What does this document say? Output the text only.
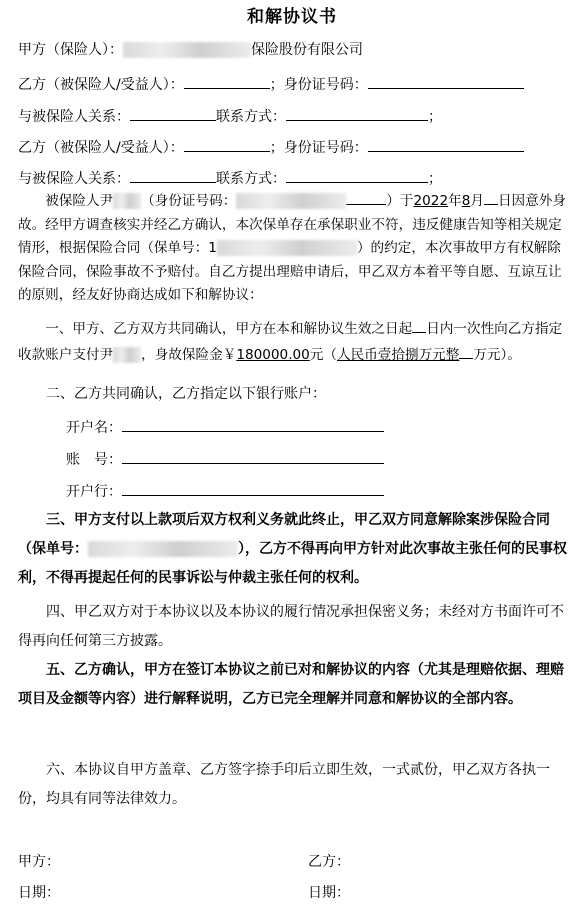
和解协议书
甲方（保险人）：	保险股份有限公司
乙方（被保险人/受益人）：	；身份证号码：
与被保险人关系：	联系方式：	；
乙方（被保险人/受益人）：	；身份证号码：
与被保险人关系：	联系方式：	；

被保险人尹 （身份证号码：	）于2022年8月 日因意外身故。经甲方调查核实并经乙方确认，本次保单存在承保职业不符，违反健康告知等相关规定情形，根据保险合同（保单号：1	）的约定，本次事故甲方有权解除保险合同，保险事故不予赔付。自乙方提出理赔申请后，甲乙双方本着平等自愿、互谅互让的原则，经友好协商达成如下和解协议：

一、甲方、乙方双方共同确认，甲方在本和解协议生效之日起 日内一次性向乙方指定收款账户支付尹 ，身故保险金￥180000.00元（人民币壹拾捌万元整 万元）。

二、乙方共同确认，乙方指定以下银行账户：
开户名：
账　号：
开户行：

三、甲方支付以上款项后双方权利义务就此终止，甲乙双方同意解除案涉保险合同（保单号：	），乙方不得再向甲方针对此次事故主张任何的民事权利，不得再提起任何的民事诉讼与仲裁主张任何的权利。

四、甲乙双方对于本协议以及本协议的履行情况承担保密义务；未经对方书面许可不得再向任何第三方披露。

五、乙方确认，甲方在签订本协议之前已对和解协议的内容（尤其是理赔依据、理赔项目及金额等内容）进行解释说明，乙方已完全理解并同意和解协议的全部内容。

六、本协议自甲方盖章、乙方签字捺手印后立即生效，一式贰份，甲乙双方各执一份，均具有同等法律效力。

甲方：	乙方：
日期：	日期：
